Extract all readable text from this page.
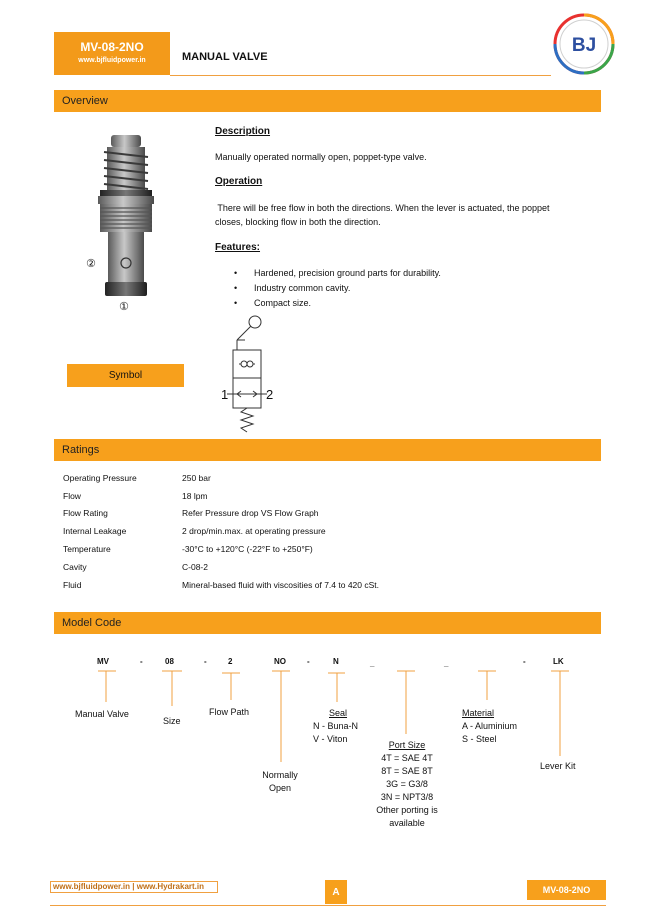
MV-08-2NO
www.bjfluidpower.in	MANUAL VALVE
BJ
Overview
②
①
Description
Manually operated normally open, poppet-type valve.
Operation
There will be free flow in both the directions. When the lever is actuated, the poppet
closes, blocking flow in both the direction.
Features:
• Hardened, precision ground parts for durability.
• Industry common cavity.
• Compact size.
Symbol
1	2
Ratings
Operating Pressure	250 bar
Flow	18 lpm
Flow Rating	Refer Pressure drop VS Flow Graph
Internal Leakage	2 drop/min.max. at operating pressure
Temperature	-30°C to +120°C (-22°F to +250°F)
Cavity	C-08-2
Fluid	Mineral-based fluid with viscosities of 7.4 to 420 cSt.
Model Code
MV	-	08	-	2	NO	-	N	_	_	-	LK
Manual Valve
Size
Flow Path
Normally
Open
Seal
N - Buna-N
V - Viton
Port Size
4T = SAE 4T
8T = SAE 8T
3G = G3/8
3N = NPT3/8
Other porting is
available
Material
A - Aluminium
S - Steel
Lever Kit
www.bjfluidpower.in | www.Hydrakart.in
A	MV-08-2NO
